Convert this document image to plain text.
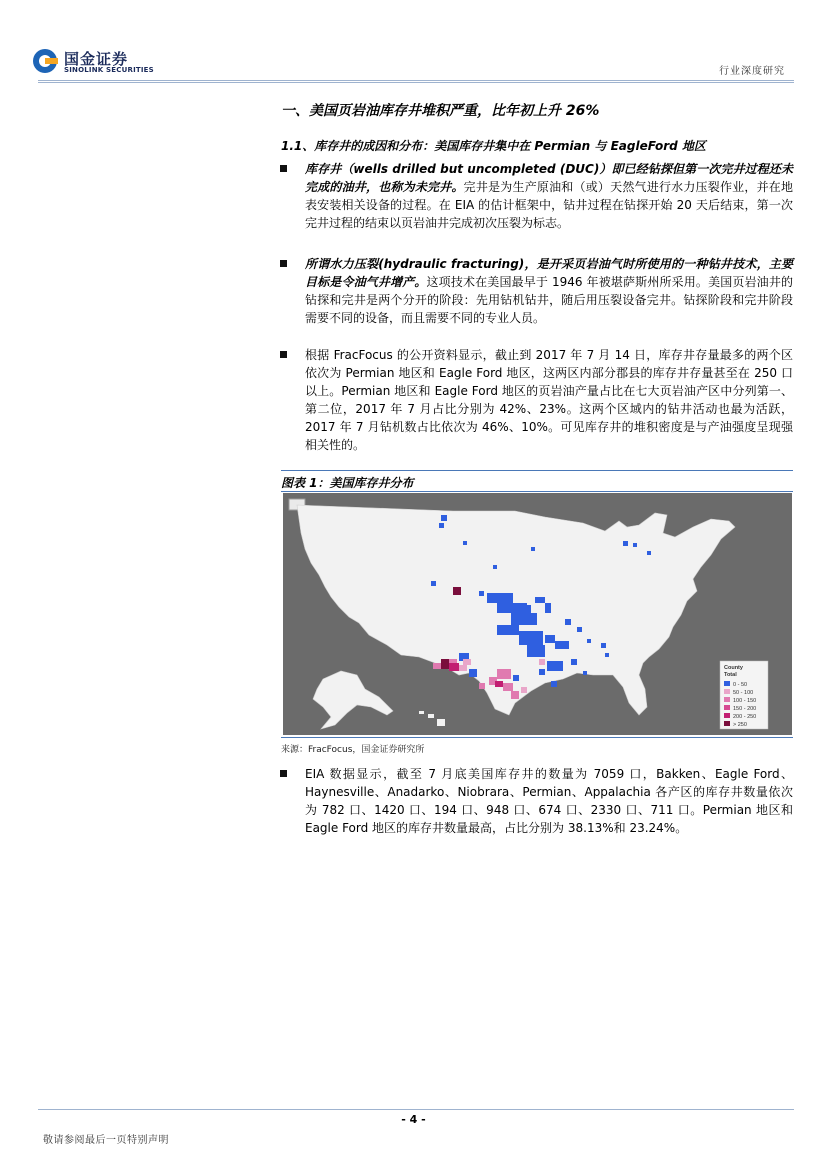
国金证券
SINOLINK SECURITIES	行业深度研究
一、美国页岩油库存井堆积严重，比年初上升 26%
1.1、库存井的成因和分布：美国库存井集中在 Permian 与 EagleFord 地区
库存井（wells drilled but uncompleted (DUC)）即已经钻探但第一次完井过程还未完成的油井，也称为未完井。完井是为生产原油和（或）天然气进行水力压裂作业，并在地表安装相关设备的过程。在 EIA 的估计框架中，钻井过程在钻探开始 20 天后结束，第一次完井过程的结束以页岩油井完成初次压裂为标志。
所谓水力压裂(hydraulic fracturing)，是开采页岩油气时所使用的一种钻井技术，主要目标是令油气井增产。这项技术在美国最早于 1946 年被堪萨斯州所采用。美国页岩油井的钻探和完井是两个分开的阶段：先用钻机钻井，随后用压裂设备完井。钻探阶段和完井阶段需要不同的设备，而且需要不同的专业人员。
根据 FracFocus 的公开资料显示，截止到 2017 年 7 月 14 日，库存井存量最多的两个区依次为 Permian 地区和 Eagle Ford 地区，这两区内部分郡县的库存井存量甚至在 250 口以上。Permian 地区和 Eagle Ford 地区的页岩油产量占比在七大页岩油产区中分列第一、第二位，2017 年 7 月占比分别为 42%、23%。这两个区域内的钻井活动也最为活跃，2017 年 7 月钻机数占比依次为 46%、10%。可见库存井的堆积密度是与产油强度呈现强相关性的。
图表 1：美国库存井分布
County
Total
0 - 50
50 - 100
100 - 150
150 - 200
200 - 250
> 250
来源：FracFocus，国金证券研究所
EIA 数据显示，截至 7 月底美国库存井的数量为 7059 口，Bakken、Eagle Ford、Haynesville、Anadarko、Niobrara、Permian、Appalachia 各产区的库存井数量依次为 782 口、1420 口、194 口、948 口、674 口、2330 口、711 口。Permian 地区和 Eagle Ford 地区的库存井数量最高，占比分别为 38.13%和 23.24%。
- 4 -
敬请参阅最后一页特别声明
